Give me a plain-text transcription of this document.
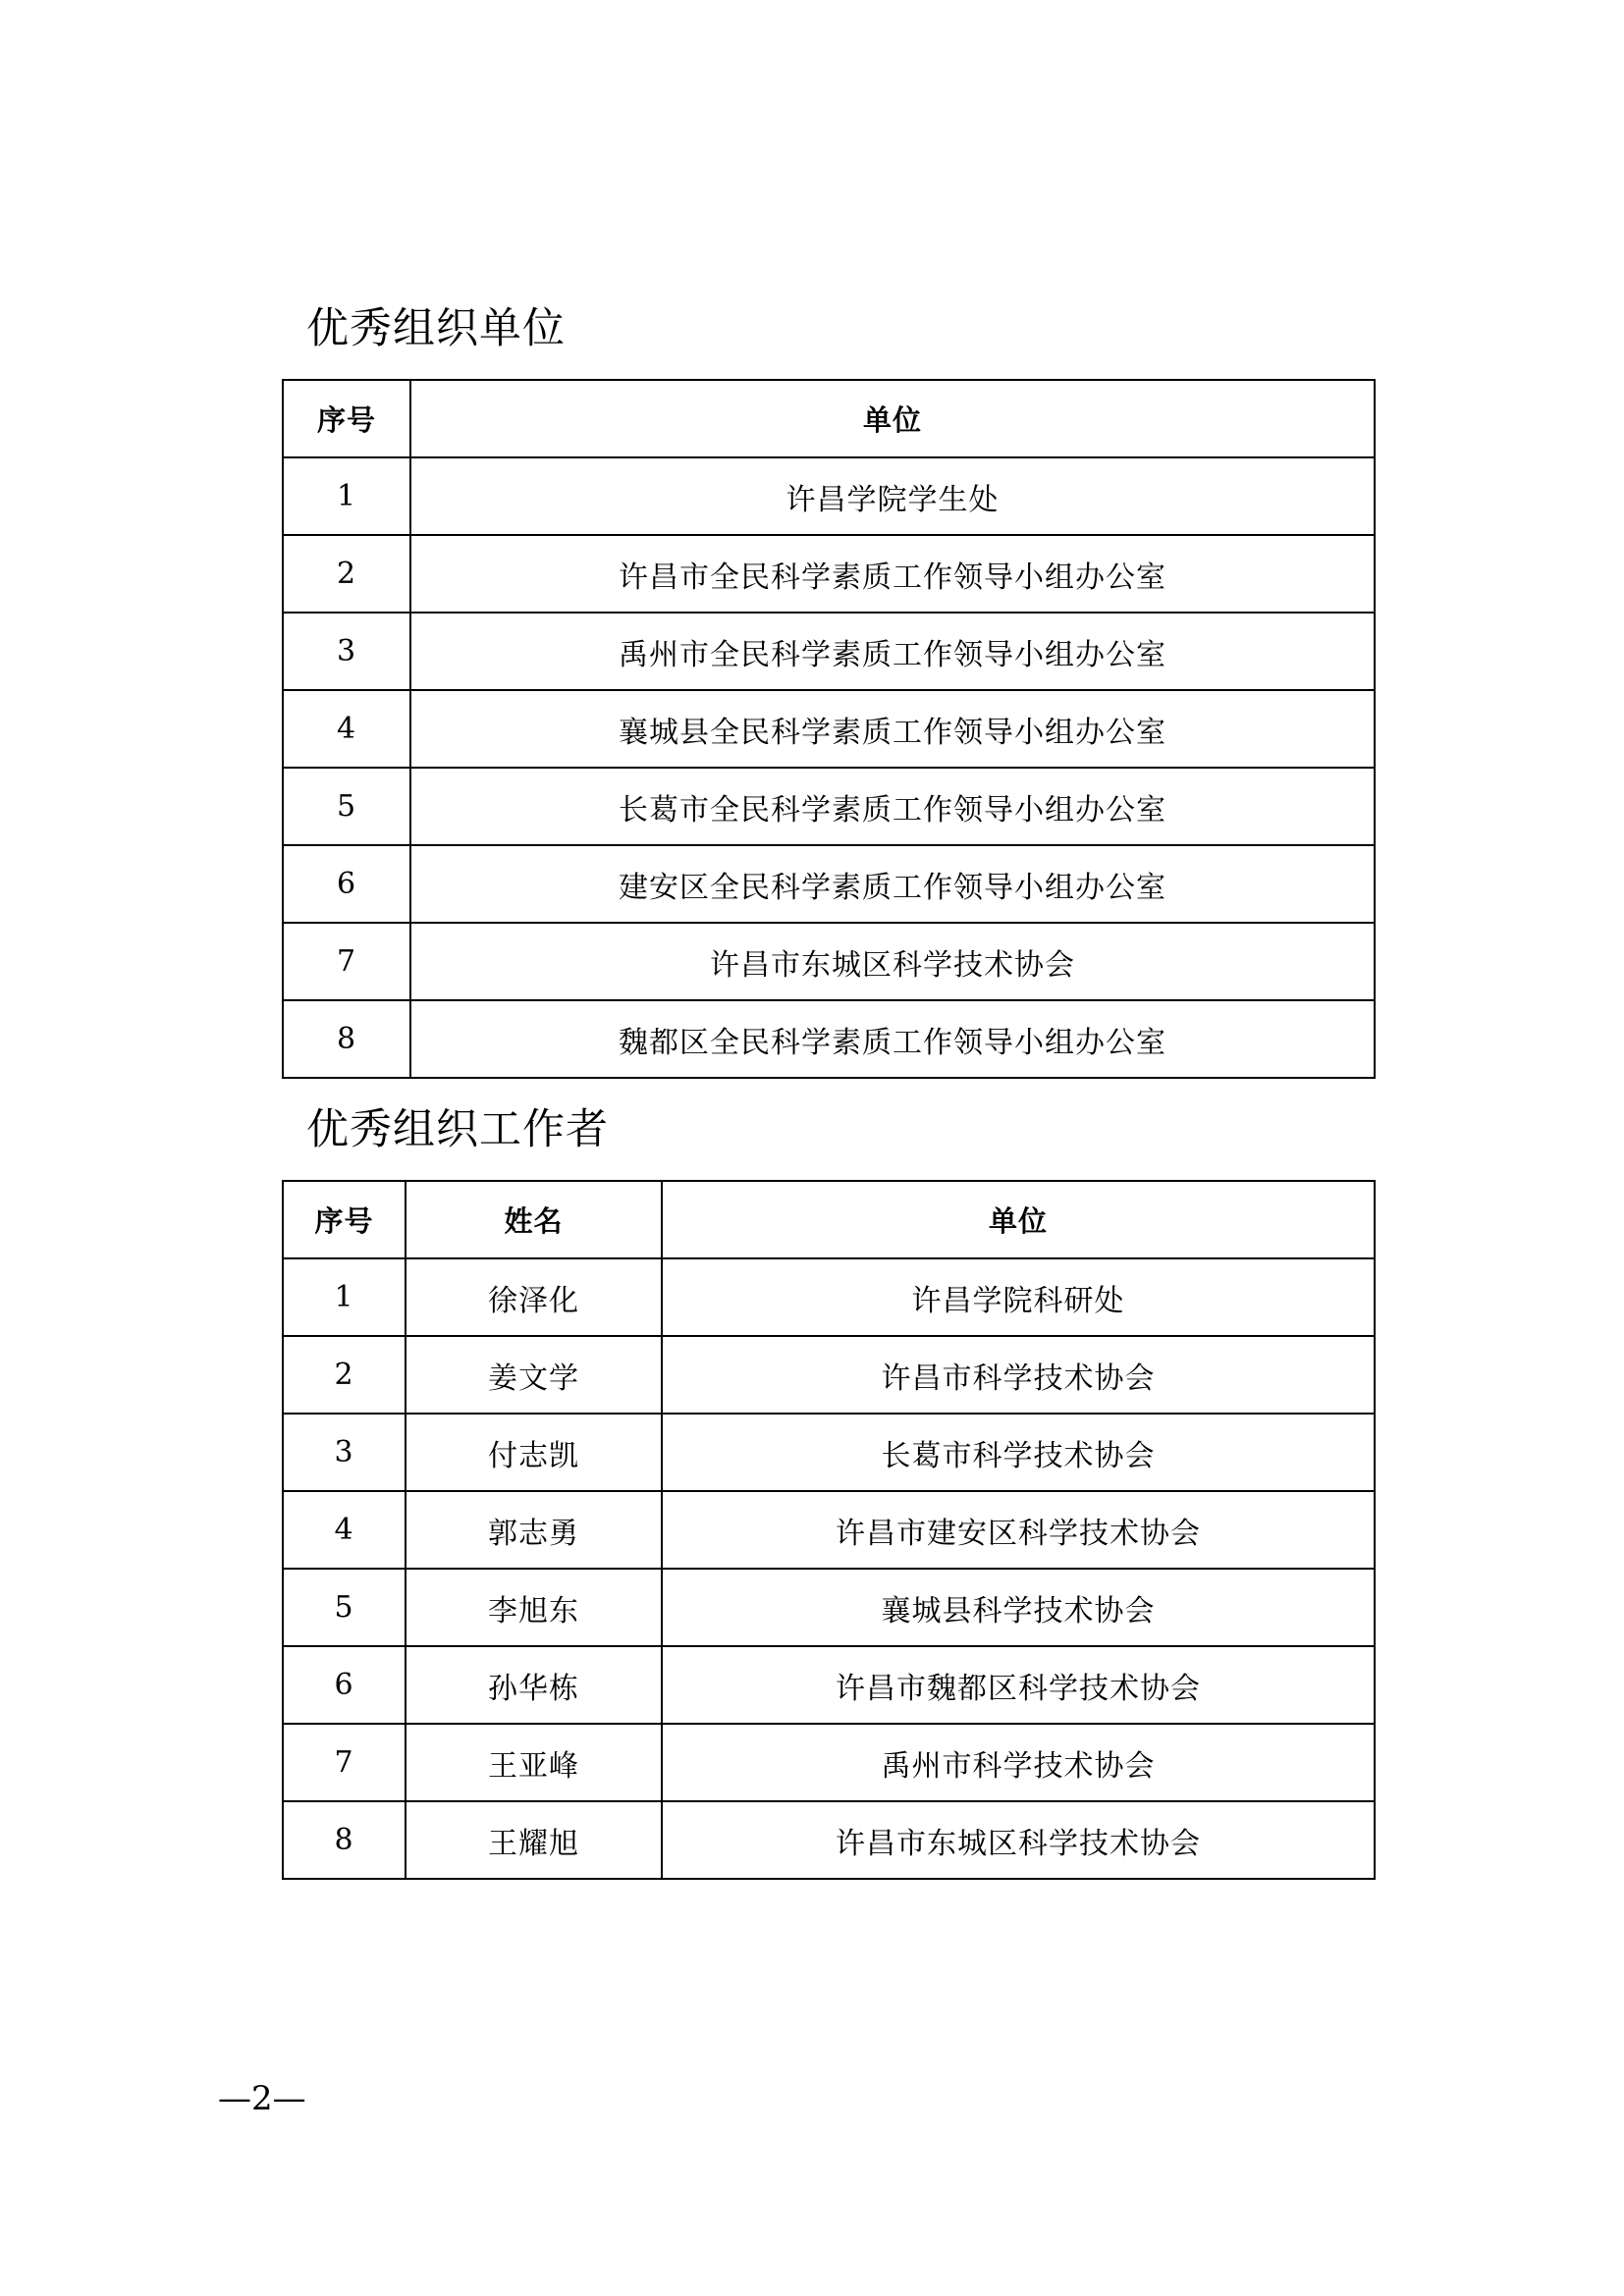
优秀组织单位
序号	单位
1	许昌学院学生处
2	许昌市全民科学素质工作领导小组办公室
3	禹州市全民科学素质工作领导小组办公室
4	襄城县全民科学素质工作领导小组办公室
5	长葛市全民科学素质工作领导小组办公室
6	建安区全民科学素质工作领导小组办公室
7	许昌市东城区科学技术协会
8	魏都区全民科学素质工作领导小组办公室
优秀组织工作者
序号	姓名	单位
1	徐泽化	许昌学院科研处
2	姜文学	许昌市科学技术协会
3	付志凯	长葛市科学技术协会
4	郭志勇	许昌市建安区科学技术协会
5	李旭东	襄城县科学技术协会
6	孙华栋	许昌市魏都区科学技术协会
7	王亚峰	禹州市科学技术协会
8	王耀旭	许昌市东城区科学技术协会
—2—
